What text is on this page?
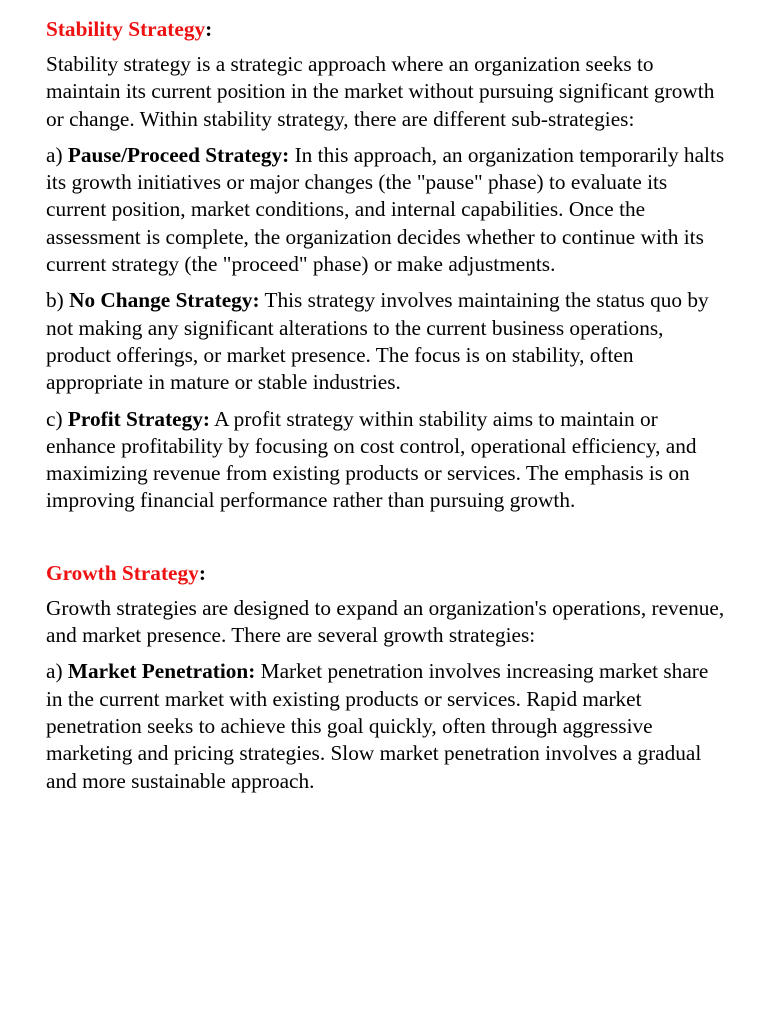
Stability Strategy:

Stability strategy is a strategic approach where an organization seeks to maintain its current position in the market without pursuing significant growth or change. Within stability strategy, there are different sub-strategies:

a) Pause/Proceed Strategy: In this approach, an organization temporarily halts its growth initiatives or major changes (the "pause" phase) to evaluate its current position, market conditions, and internal capabilities. Once the assessment is complete, the organization decides whether to continue with its current strategy (the "proceed" phase) or make adjustments.

b) No Change Strategy: This strategy involves maintaining the status quo by not making any significant alterations to the current business operations, product offerings, or market presence. The focus is on stability, often appropriate in mature or stable industries.

c) Profit Strategy: A profit strategy within stability aims to maintain or enhance profitability by focusing on cost control, operational efficiency, and maximizing revenue from existing products or services. The emphasis is on improving financial performance rather than pursuing growth.

Growth Strategy:

Growth strategies are designed to expand an organization's operations, revenue, and market presence. There are several growth strategies:

a) Market Penetration: Market penetration involves increasing market share in the current market with existing products or services. Rapid market penetration seeks to achieve this goal quickly, often through aggressive marketing and pricing strategies. Slow market penetration involves a gradual and more sustainable approach.
